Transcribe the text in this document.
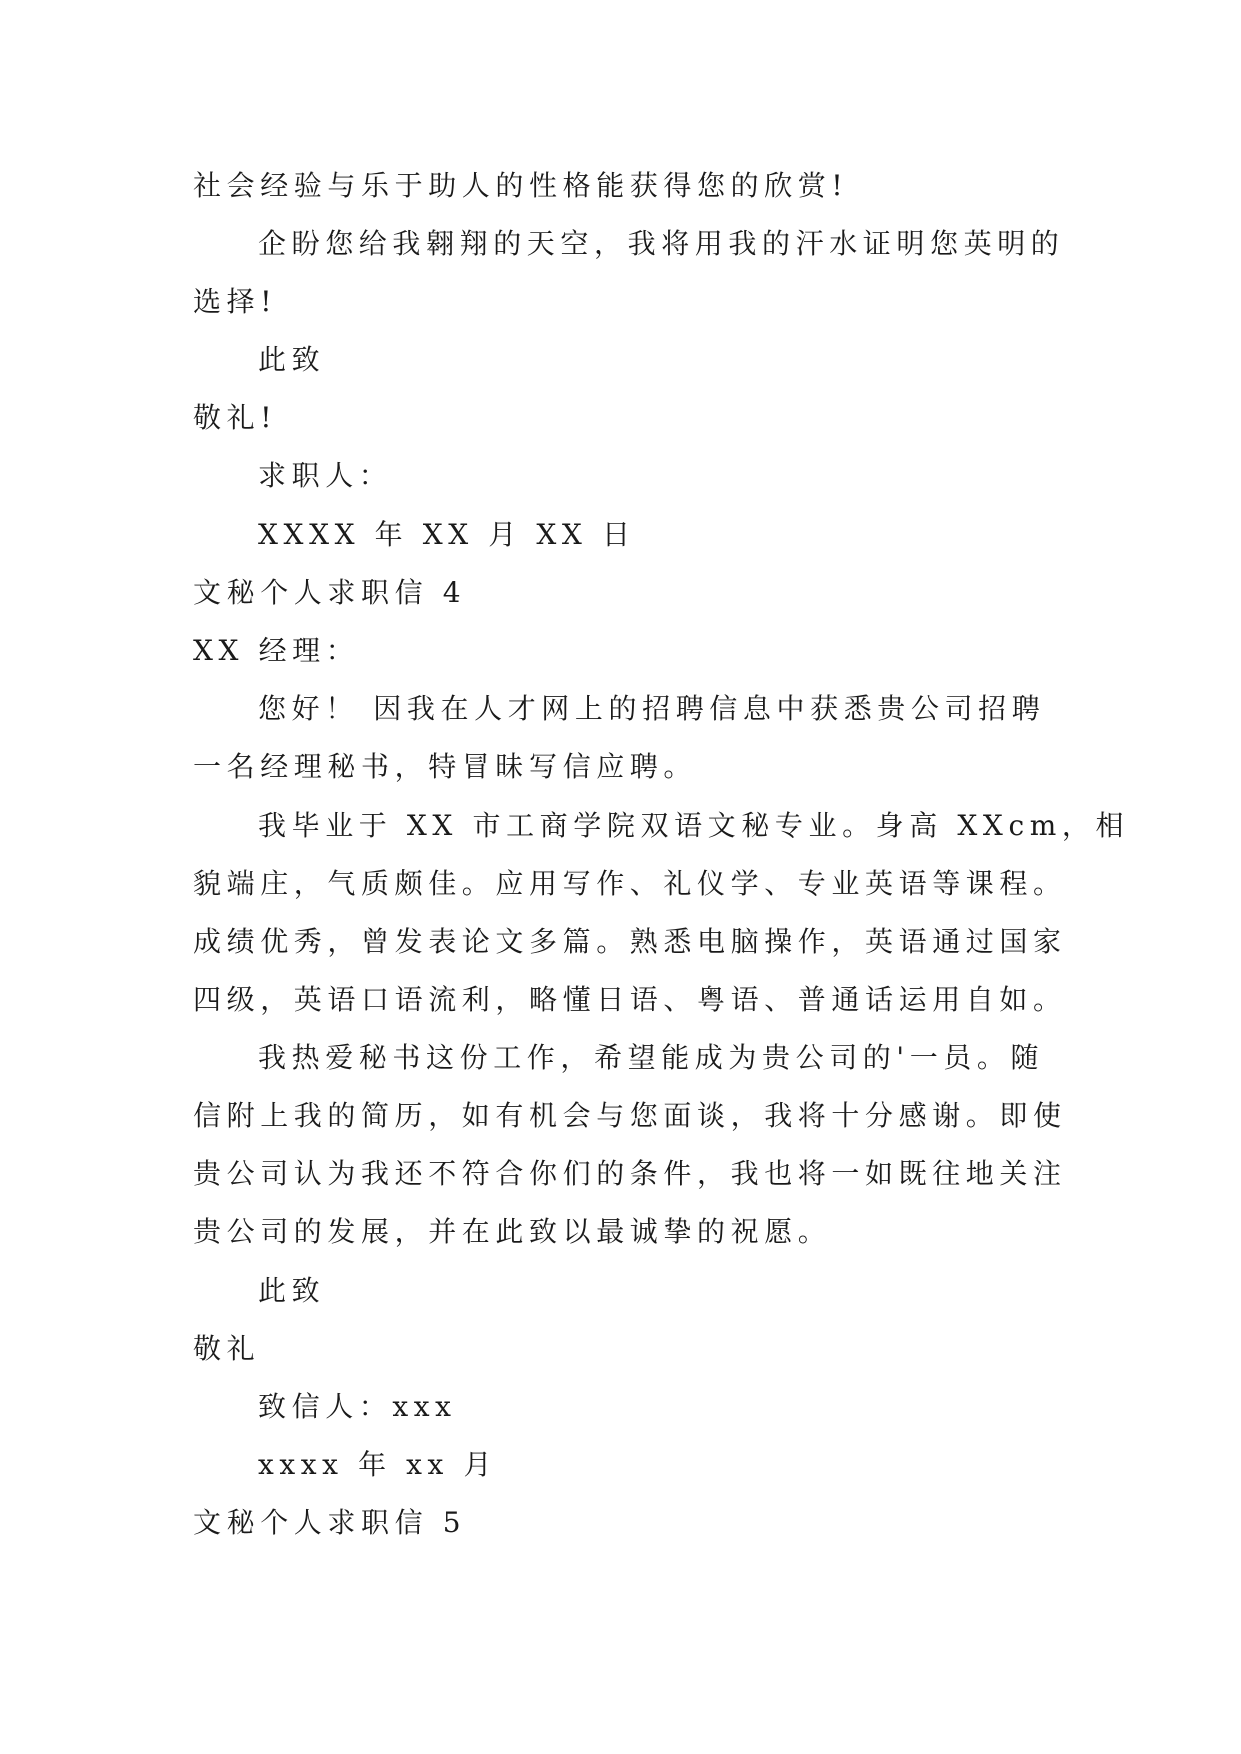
社会经验与乐于助人的性格能获得您的欣赏!
企盼您给我翱翔的天空，我将用我的汗水证明您英明的
选择!
此致
敬礼!
求职人：
XXXX 年 XX 月 XX 日
文秘个人求职信 4
XX 经理：
您好！ 因我在人才网上的招聘信息中获悉贵公司招聘
一名经理秘书，特冒昧写信应聘。
我毕业于 XX 市工商学院双语文秘专业。身高 XXcm，相
貌端庄，气质颇佳。应用写作、礼仪学、专业英语等课程。
成绩优秀，曾发表论文多篇。熟悉电脑操作，英语通过国家
四级，英语口语流利，略懂日语、粤语、普通话运用自如。
我热爱秘书这份工作，希望能成为贵公司的'一员。随
信附上我的简历，如有机会与您面谈，我将十分感谢。即使
贵公司认为我还不符合你们的条件，我也将一如既往地关注
贵公司的发展，并在此致以最诚挚的祝愿。
此致
敬礼
致信人：xxx
xxxx 年 xx 月
文秘个人求职信 5
